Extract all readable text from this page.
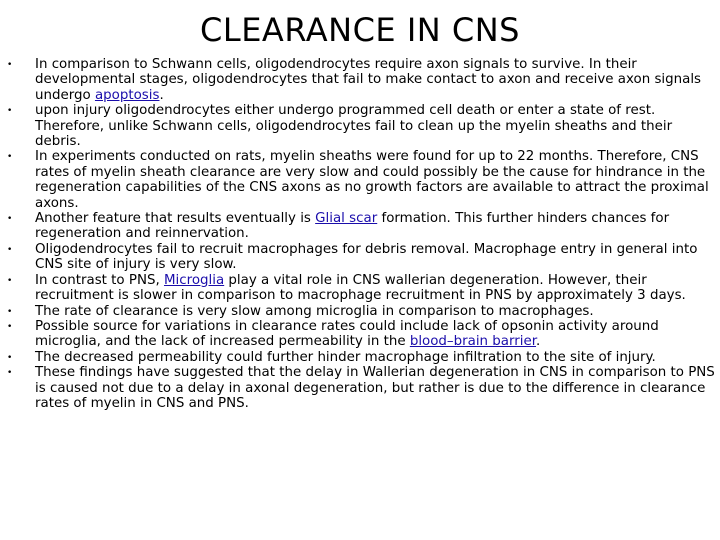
CLEARANCE IN CNS
• In comparison to Schwann cells, oligodendrocytes require axon signals to survive. In their developmental stages, oligodendrocytes that fail to make contact to axon and receive axon signals undergo apoptosis.
• upon injury oligodendrocytes either undergo programmed cell death or enter a state of rest. Therefore, unlike Schwann cells, oligodendrocytes fail to clean up the myelin sheaths and their debris.
• In experiments conducted on rats, myelin sheaths were found for up to 22 months. Therefore, CNS rates of myelin sheath clearance are very slow and could possibly be the cause for hindrance in the regeneration capabilities of the CNS axons as no growth factors are available to attract the proximal axons.
• Another feature that results eventually is Glial scar formation. This further hinders chances for regeneration and reinnervation.
• Oligodendrocytes fail to recruit macrophages for debris removal. Macrophage entry in general into CNS site of injury is very slow.
• In contrast to PNS, Microglia play a vital role in CNS wallerian degeneration. However, their recruitment is slower in comparison to macrophage recruitment in PNS by approximately 3 days.
• The rate of clearance is very slow among microglia in comparison to macrophages.
• Possible source for variations in clearance rates could include lack of opsonin activity around microglia, and the lack of increased permeability in the blood–brain barrier.
• The decreased permeability could further hinder macrophage infiltration to the site of injury.
• These findings have suggested that the delay in Wallerian degeneration in CNS in comparison to PNS is caused not due to a delay in axonal degeneration, but rather is due to the difference in clearance rates of myelin in CNS and PNS.
